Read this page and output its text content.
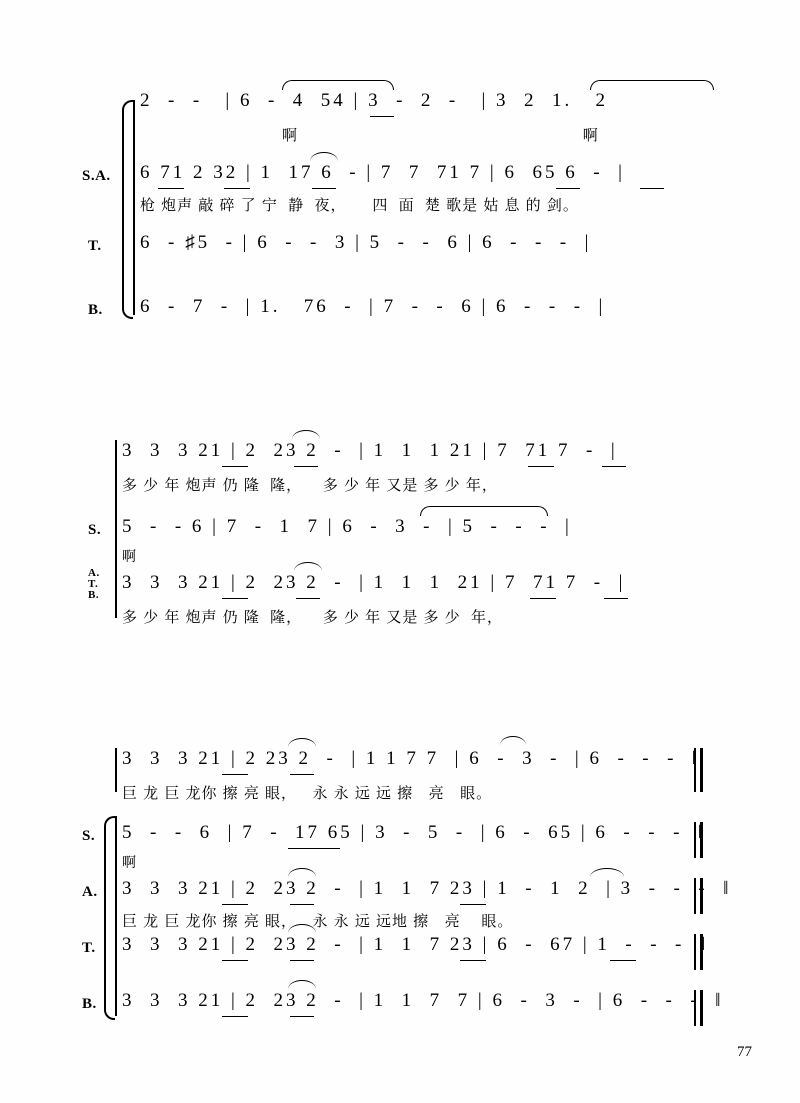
2  -  -   | 6  -  4  54 | 3  -  2  -   | 3  2  1.   2
啊                                              啊
S.A. 6 71 2 32 | 1  17 6  - | 7  7  71 7 | 6  65 6  -  |
枪 炮声 敲 碎 了 宁  静  夜，     四  面  楚 歌是 姑 息 的 剑。
T. 6  - ♯5  - | 6  -  -  3 | 5  -  -  6 | 6  -  -  -  |
B. 6  -  7  -  | 1.   76  -  | 7  -  -  6 | 6  -  -  -  |
3  3  3 21 | 2  23 2  -  | 1  1  1 21 | 7  71 7  -  |
多 少 年 炮声 仍 隆  隆，    多 少 年 又是 多 少 年，
S. 5  -  - 6 | 7  -  1  7 | 6  -  3  -  | 5  -  -  -  |
啊
A.
T.
B.
3  3  3 21 | 2  23 2  -  | 1  1  1  21 | 7  71 7  -  |
多 少 年 炮声 仍 隆  隆，    多 少 年 又是 多 少  年，
3  3  3 21 | 2 23 2  -  | 1 1 7 7  | 6  -  3  -  | 6  -  -  -  ‖
巨 龙 巨 龙你 擦 亮 眼，   永 永 远 远 擦   亮   眼。
S. 5  -  -  6  | 7  -  17 65 | 3  -  5  -  | 6  -  65 | 6  -  -  -  ‖
啊
A. 3  3  3 21 | 2  23 2  -  | 1  1  7 23 | 1  -  1  2  | 3  -  -  -  ‖
巨 龙 巨 龙你 擦 亮 眼，   永 永 远 远地 擦   亮    眼。
T. 3  3  3 21 | 2  23 2  -  | 1  1  7 23 | 6  -  67 | 1  -  -  -  ‖
B. 3  3  3 21 | 2  23 2  -  | 1  1  7  7 | 6  -  3  -  | 6  -  -  -  ‖
77
